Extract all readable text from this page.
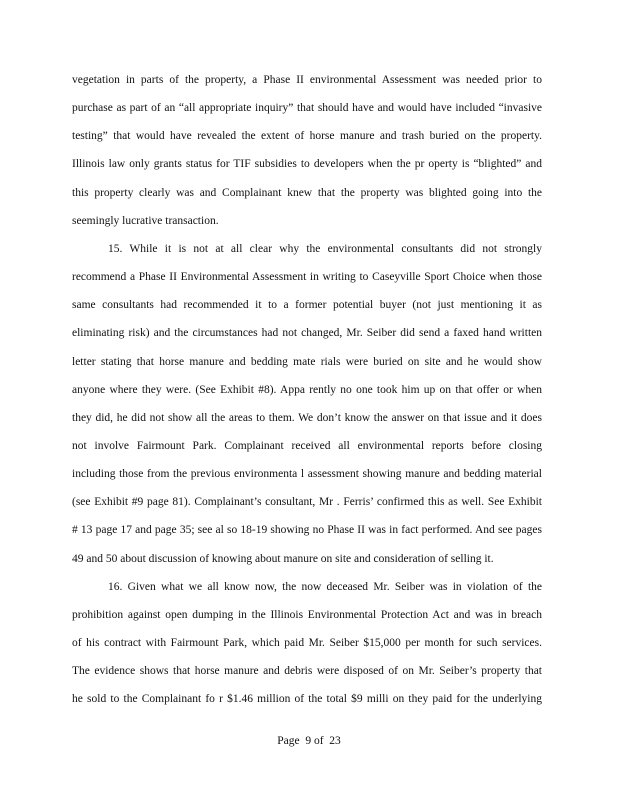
vegetation in parts of the property, a Phase II environmental Assessment was needed prior to

purchase as part of an “all appropriate inquiry” that should have and would have included “invasive

testing” that would have revealed the extent of horse manure and trash buried on the property.

Illinois law only grants status for TIF subsidies to developers when the pr operty is “blighted” and

this property clearly was and Complainant knew that the property was blighted going into the

seemingly lucrative transaction.

15. While it is not at all clear why the environmental consultants did not strongly

recommend a Phase II Environmental Assessment in writing to Caseyville Sport Choice when those

same consultants had recommended it to a former potential buyer (not just mentioning it as

eliminating risk) and the circumstances had not changed, Mr. Seiber did send a faxed hand written

letter stating that horse manure and bedding mate rials were buried on site and he would show

anyone where they were. (See Exhibit #8). Appa rently no one took him up on that offer or when

they did, he did not show all the areas to them. We don’t know the answer on that issue and it does

not involve Fairmount Park. Complainant received all environmental reports before closing

including those from the previous environmenta l assessment showing manure and bedding material

(see Exhibit #9 page 81). Complainant’s consultant, Mr . Ferris’ confirmed this as well. See Exhibit

# 13 page 17 and page 35; see al so 18-19 showing no Phase II was in fact performed. And see pages

49 and 50 about discussion of knowing about manure on site and consideration of selling it.

16. Given what we all know now, the now deceased Mr. Seiber was in violation of the

prohibition against open dumping in the Illinois Environmental Protection Act and was in breach

of his contract with Fairmount Park, which paid Mr. Seiber $15,000 per month for such services.

The evidence shows that horse manure and debris were disposed of on Mr. Seiber’s property that

he sold to the Complainant fo r $1.46 million of the total $9 milli on they paid for the underlying

Page  9 of  23
